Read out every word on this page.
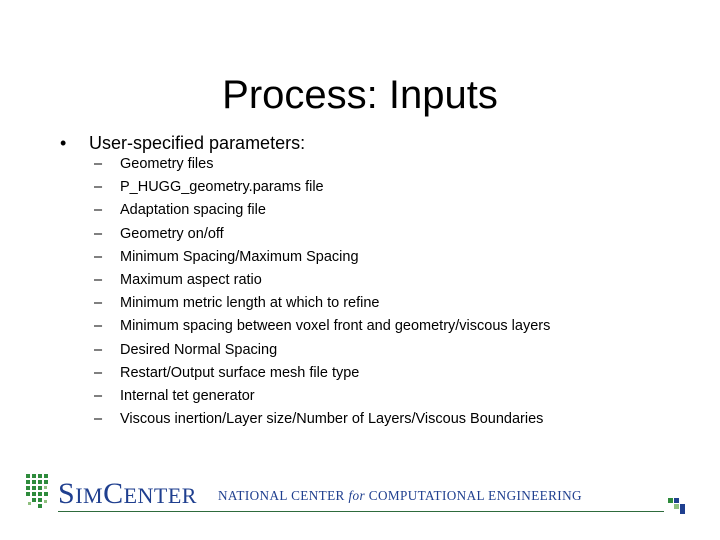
Process: Inputs
• User-specified parameters:
– Geometry files
– P_HUGG_geometry.params file
– Adaptation spacing file
– Geometry on/off
– Minimum Spacing/Maximum Spacing
– Maximum aspect ratio
– Minimum metric length at which to refine
– Minimum spacing between voxel front and geometry/viscous layers
– Desired Normal Spacing
– Restart/Output surface mesh file type
– Internal tet generator
– Viscous inertion/Layer size/Number of Layers/Viscous Boundaries
SIMCENTER NATIONAL CENTER for COMPUTATIONAL ENGINEERING
